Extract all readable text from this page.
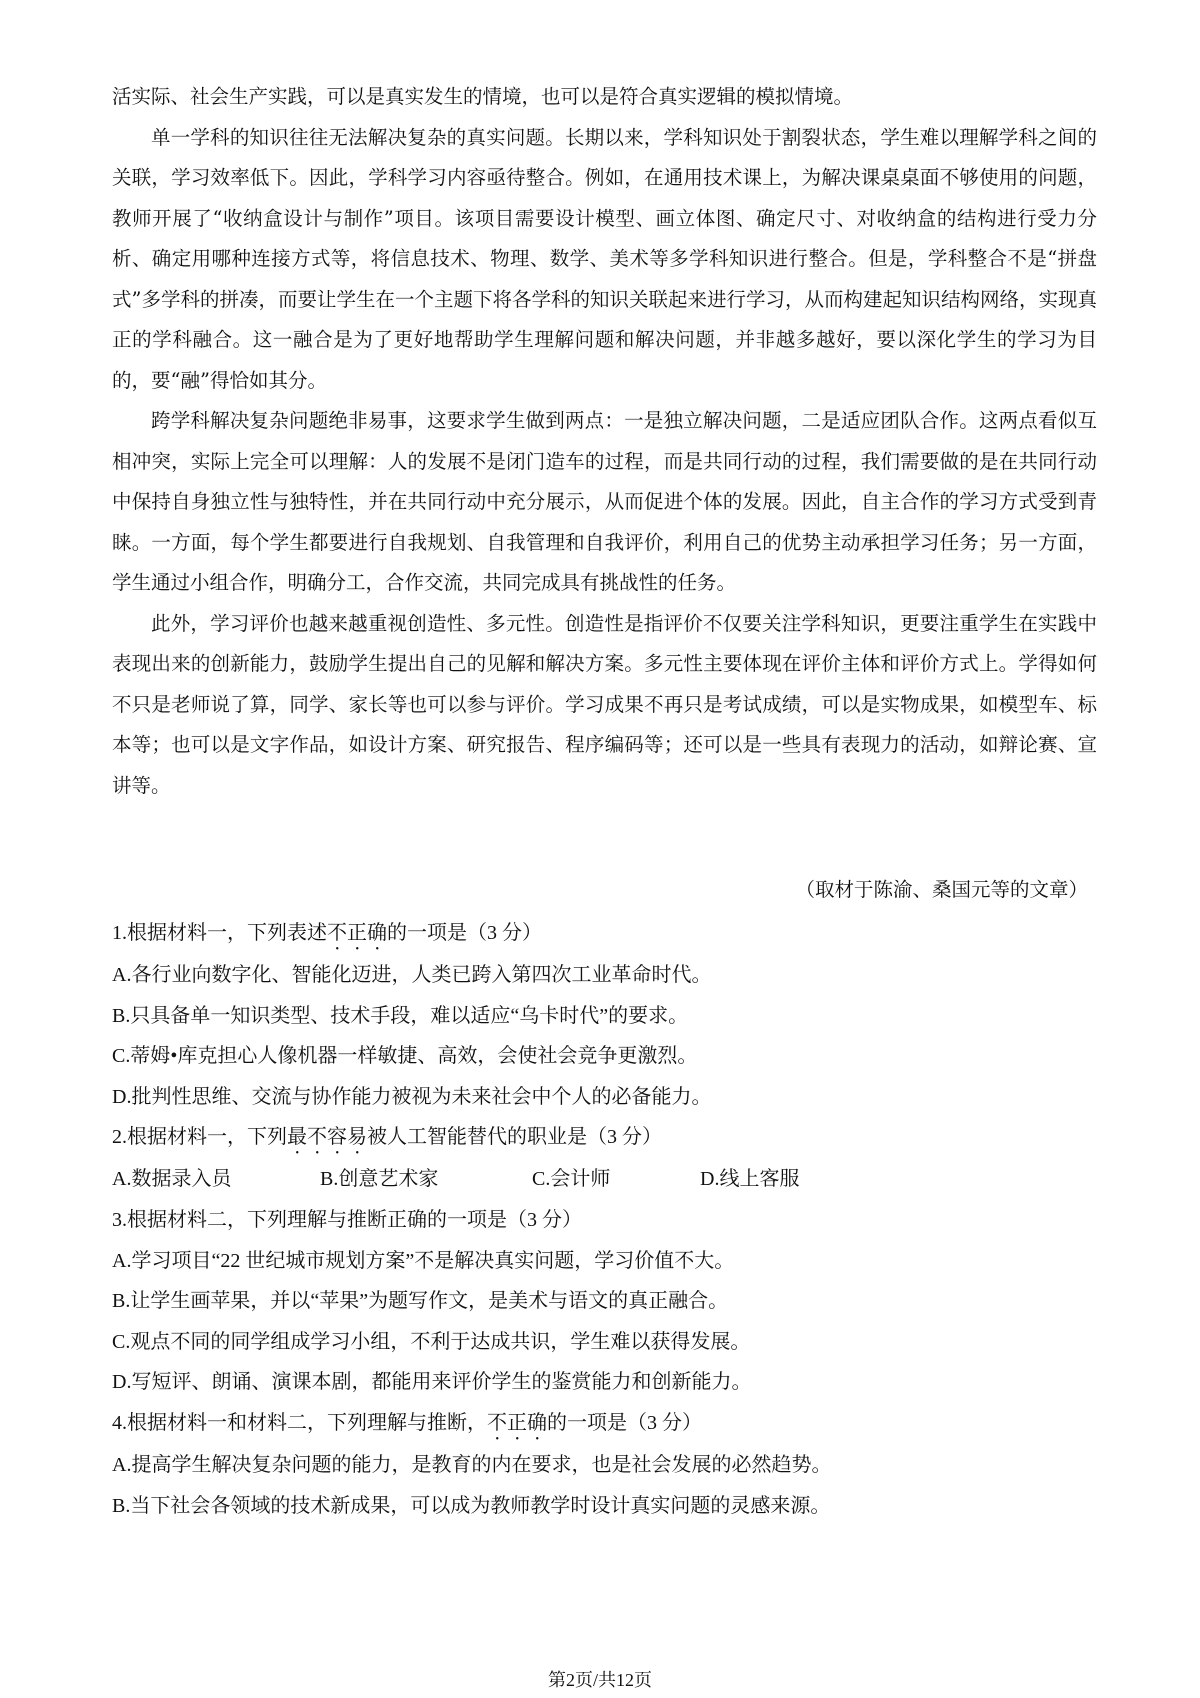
活实际、社会生产实践，可以是真实发生的情境，也可以是符合真实逻辑的模拟情境。

单一学科的知识往往无法解决复杂的真实问题。长期以来，学科知识处于割裂状态，学生难以理解学科之间的关联，学习效率低下。因此，学科学习内容亟待整合。例如，在通用技术课上，为解决课桌桌面不够使用的问题，教师开展了“收纳盒设计与制作”项目。该项目需要设计模型、画立体图、确定尺寸、对收纳盒的结构进行受力分析、确定用哪种连接方式等，将信息技术、物理、数学、美术等多学科知识进行整合。但是，学科整合不是“拼盘式”多学科的拼凑，而要让学生在一个主题下将各学科的知识关联起来进行学习，从而构建起知识结构网络，实现真正的学科融合。这一融合是为了更好地帮助学生理解问题和解决问题，并非越多越好，要以深化学生的学习为目的，要“融”得恰如其分。

跨学科解决复杂问题绝非易事，这要求学生做到两点：一是独立解决问题，二是适应团队合作。这两点看似互相冲突，实际上完全可以理解：人的发展不是闭门造车的过程，而是共同行动的过程，我们需要做的是在共同行动中保持自身独立性与独特性，并在共同行动中充分展示，从而促进个体的发展。因此，自主合作的学习方式受到青睐。一方面，每个学生都要进行自我规划、自我管理和自我评价，利用自己的优势主动承担学习任务；另一方面，学生通过小组合作，明确分工，合作交流，共同完成具有挑战性的任务。

此外，学习评价也越来越重视创造性、多元性。创造性是指评价不仅要关注学科知识，更要注重学生在实践中表现出来的创新能力，鼓励学生提出自己的见解和解决方案。多元性主要体现在评价主体和评价方式上。学得如何不只是老师说了算，同学、家长等也可以参与评价。学习成果不再只是考试成绩，可以是实物成果，如模型车、标本等；也可以是文字作品，如设计方案、研究报告、程序编码等；还可以是一些具有表现力的活动，如辩论赛、宣讲等。

（取材于陈渝、桑国元等的文章）

1.根据材料一，下列表述不正确的一项是（3 分）

A.各行业向数字化、智能化迈进，人类已跨入第四次工业革命时代。

B.只具备单一知识类型、技术手段，难以适应“乌卡时代”的要求。

C.蒂姆•库克担心人像机器一样敏捷、高效，会使社会竞争更激烈。

D.批判性思维、交流与协作能力被视为未来社会中个人的必备能力。

2.根据材料一，下列最不容易被人工智能替代的职业是（3 分）

A.数据录入员	B.创意艺术家	C.会计师	D.线上客服

3.根据材料二，下列理解与推断正确的一项是（3 分）

A.学习项目“22 世纪城市规划方案”不是解决真实问题，学习价值不大。

B.让学生画苹果，并以“苹果”为题写作文，是美术与语文的真正融合。

C.观点不同的同学组成学习小组，不利于达成共识，学生难以获得发展。

D.写短评、朗诵、演课本剧，都能用来评价学生的鉴赏能力和创新能力。

4.根据材料一和材料二，下列理解与推断，不正确的一项是（3 分）

A.提高学生解决复杂问题的能力，是教育的内在要求，也是社会发展的必然趋势。

B.当下社会各领域的技术新成果，可以成为教师教学时设计真实问题的灵感来源。

第2页/共12页
